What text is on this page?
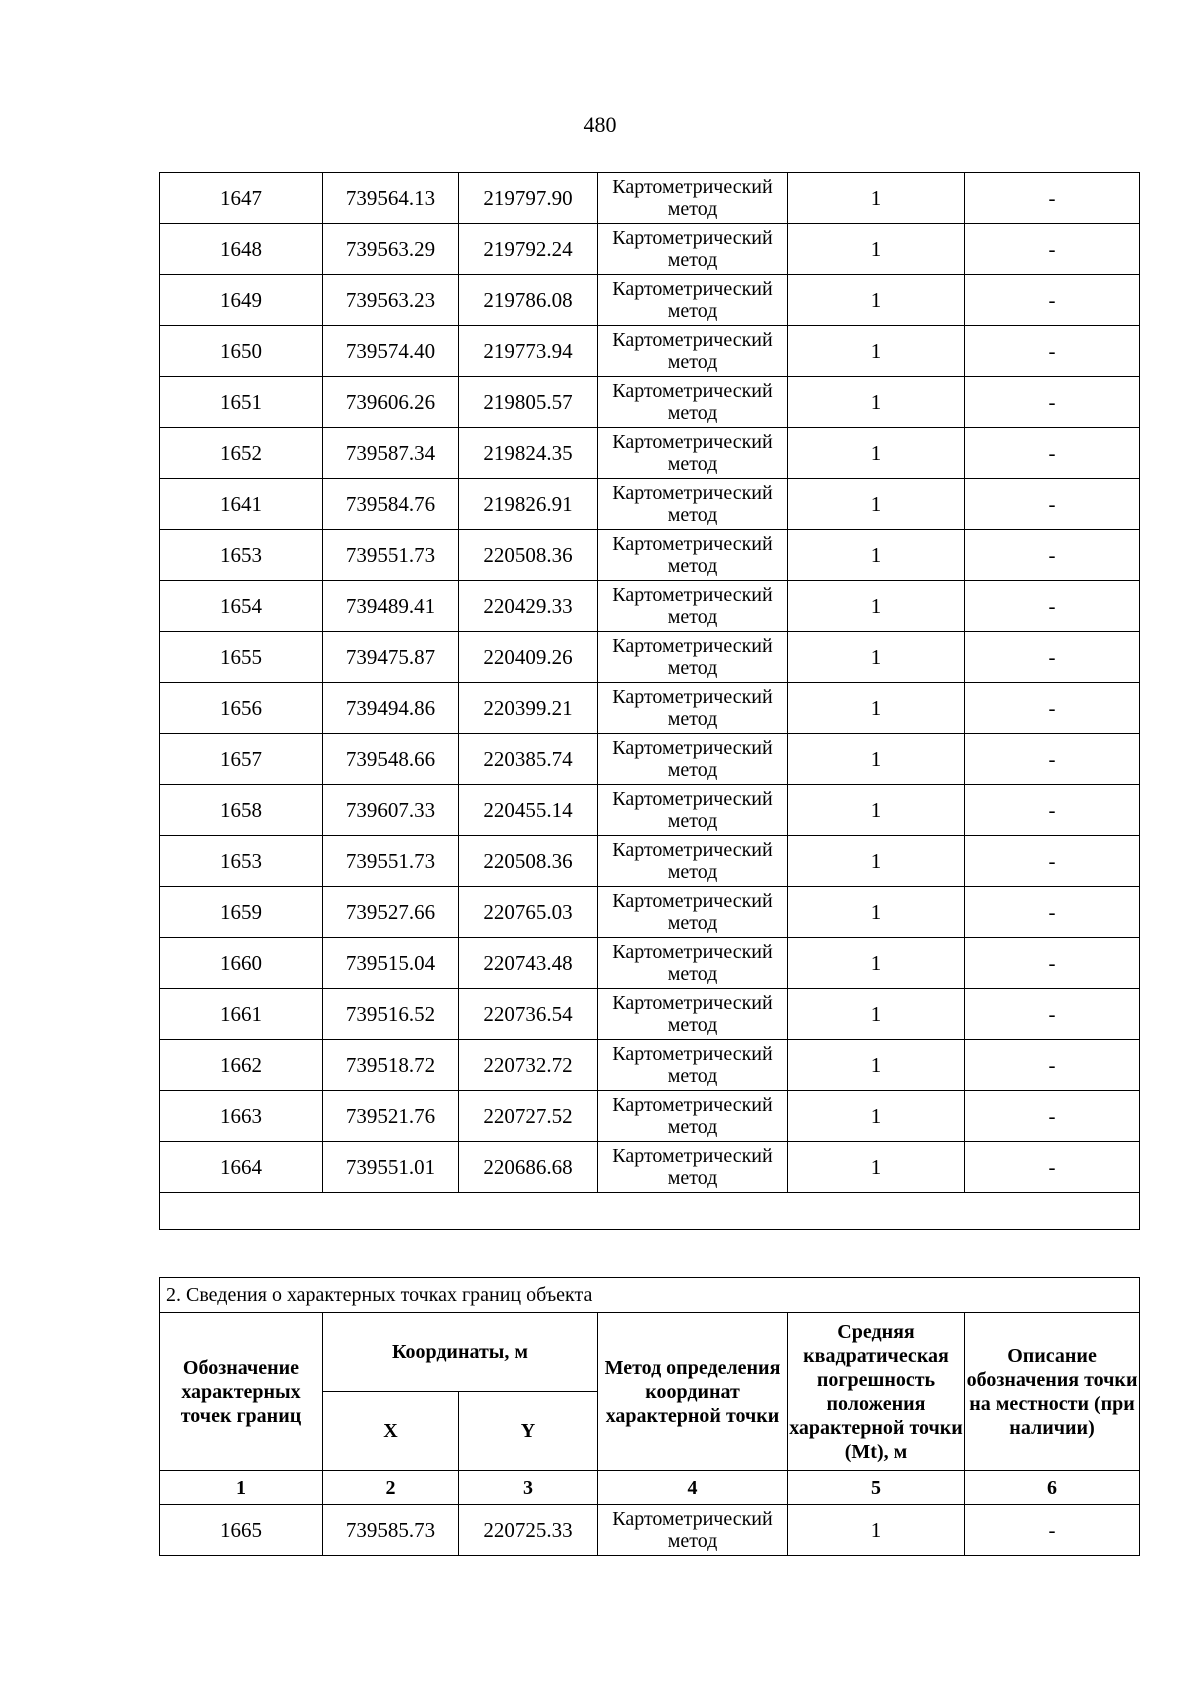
480
1647	739564.13	219797.90	Картометрический метод	1	-
1648	739563.29	219792.24	Картометрический метод	1	-
1649	739563.23	219786.08	Картометрический метод	1	-
1650	739574.40	219773.94	Картометрический метод	1	-
1651	739606.26	219805.57	Картометрический метод	1	-
1652	739587.34	219824.35	Картометрический метод	1	-
1641	739584.76	219826.91	Картометрический метод	1	-
1653	739551.73	220508.36	Картометрический метод	1	-
1654	739489.41	220429.33	Картометрический метод	1	-
1655	739475.87	220409.26	Картометрический метод	1	-
1656	739494.86	220399.21	Картометрический метод	1	-
1657	739548.66	220385.74	Картометрический метод	1	-
1658	739607.33	220455.14	Картометрический метод	1	-
1653	739551.73	220508.36	Картометрический метод	1	-
1659	739527.66	220765.03	Картометрический метод	1	-
1660	739515.04	220743.48	Картометрический метод	1	-
1661	739516.52	220736.54	Картометрический метод	1	-
1662	739518.72	220732.72	Картометрический метод	1	-
1663	739521.76	220727.52	Картометрический метод	1	-
1664	739551.01	220686.68	Картометрический метод	1	-

2. Сведения о характерных точках границ объекта					
Обозначение характерных точек границ	Координаты, м		Метод определения координат характерной точки	Средняя квадратическая погрешность положения характерной точки (Mt), м	Описание обозначения точки на местности (при наличии)
	X	Y			
1	2	3	4	5	6
1665	739585.73	220725.33	Картометрический метод	1	-
